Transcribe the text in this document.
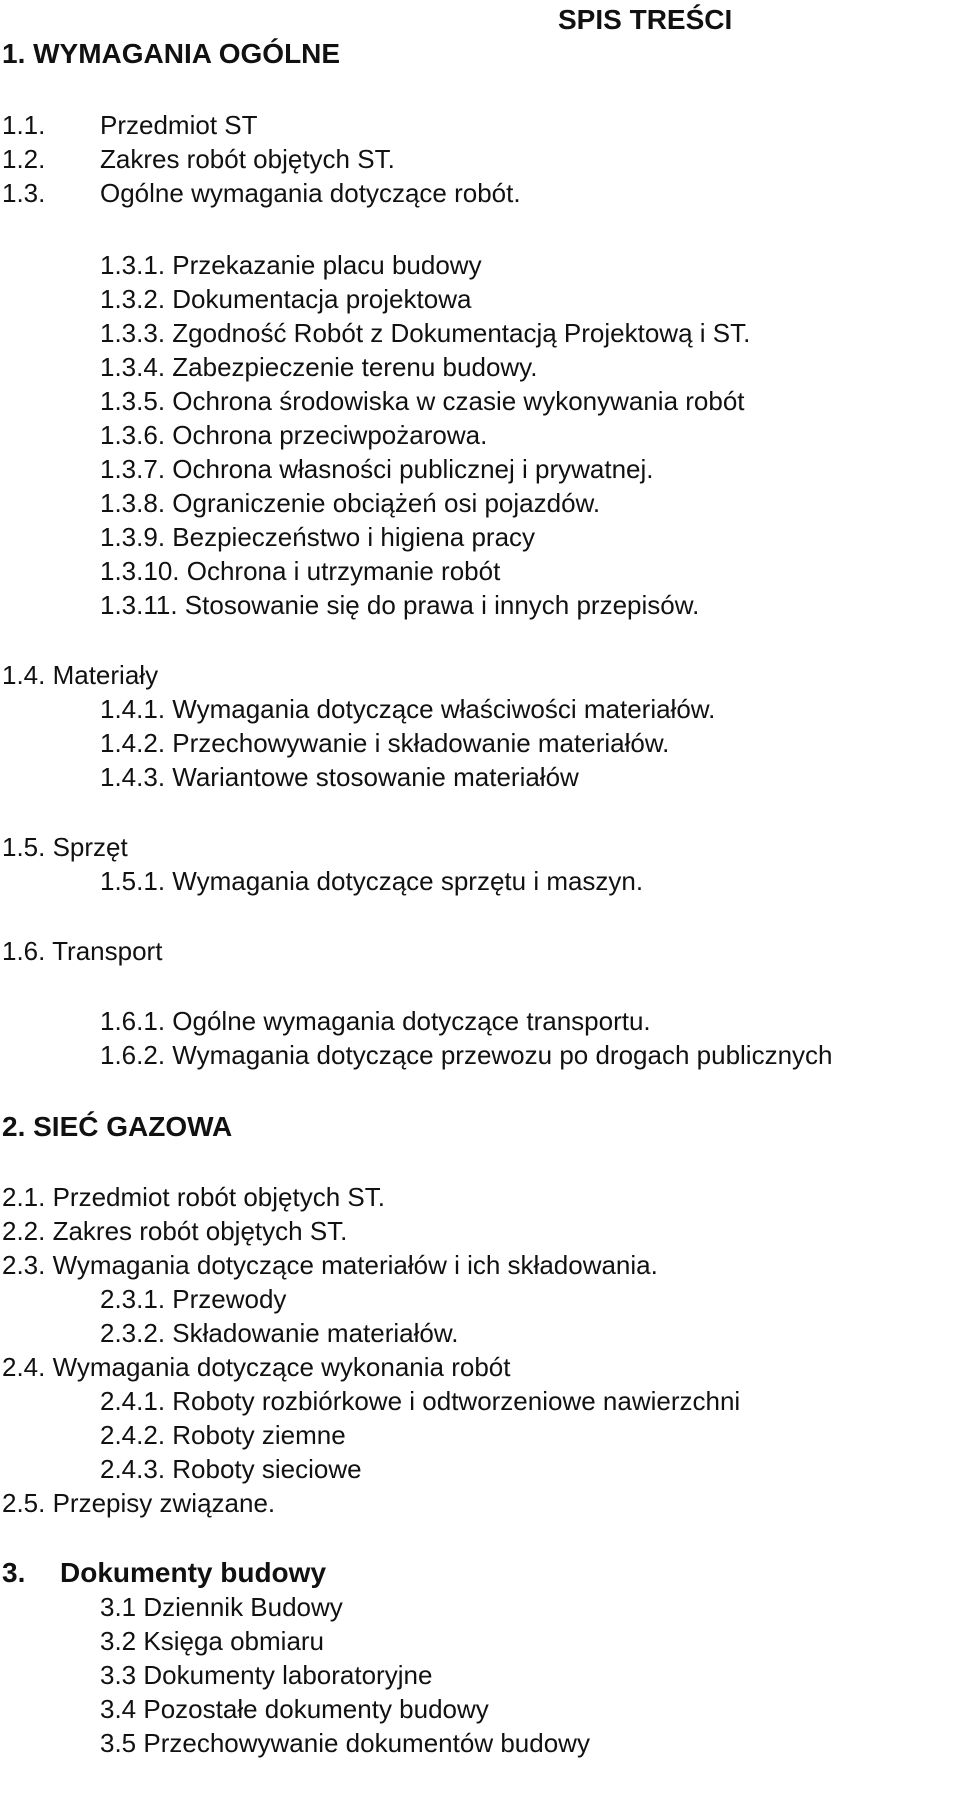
SPIS TREŚCI
1. WYMAGANIA OGÓLNE
1.1. Przedmiot ST
1.2. Zakres robót objętych ST.
1.3. Ogólne wymagania dotyczące robót.
1.3.1. Przekazanie placu budowy
1.3.2. Dokumentacja projektowa
1.3.3. Zgodność Robót z Dokumentacją Projektową i ST.
1.3.4. Zabezpieczenie terenu budowy.
1.3.5. Ochrona środowiska w czasie wykonywania robót
1.3.6. Ochrona przeciwpożarowa.
1.3.7. Ochrona własności publicznej i prywatnej.
1.3.8. Ograniczenie obciążeń osi pojazdów.
1.3.9. Bezpieczeństwo i higiena pracy
1.3.10. Ochrona i utrzymanie robót
1.3.11. Stosowanie się do prawa i innych przepisów.
1.4. Materiały
1.4.1. Wymagania dotyczące właściwości materiałów.
1.4.2. Przechowywanie i składowanie materiałów.
1.4.3. Wariantowe stosowanie materiałów
1.5. Sprzęt
1.5.1. Wymagania dotyczące sprzętu i maszyn.
1.6. Transport
1.6.1. Ogólne wymagania dotyczące transportu.
1.6.2. Wymagania dotyczące przewozu po drogach publicznych
2. SIEĆ GAZOWA
2.1. Przedmiot robót objętych ST.
2.2. Zakres robót objętych ST.
2.3. Wymagania dotyczące materiałów i ich składowania.
2.3.1. Przewody
2.3.2. Składowanie materiałów.
2.4. Wymagania dotyczące wykonania robót
2.4.1. Roboty rozbiórkowe i odtworzeniowe nawierzchni
2.4.2. Roboty ziemne
2.4.3. Roboty sieciowe
2.5. Przepisy związane.
3. Dokumenty budowy
3.1 Dziennik Budowy
3.2 Księga obmiaru
3.3 Dokumenty laboratoryjne
3.4 Pozostałe dokumenty budowy
3.5 Przechowywanie dokumentów budowy
